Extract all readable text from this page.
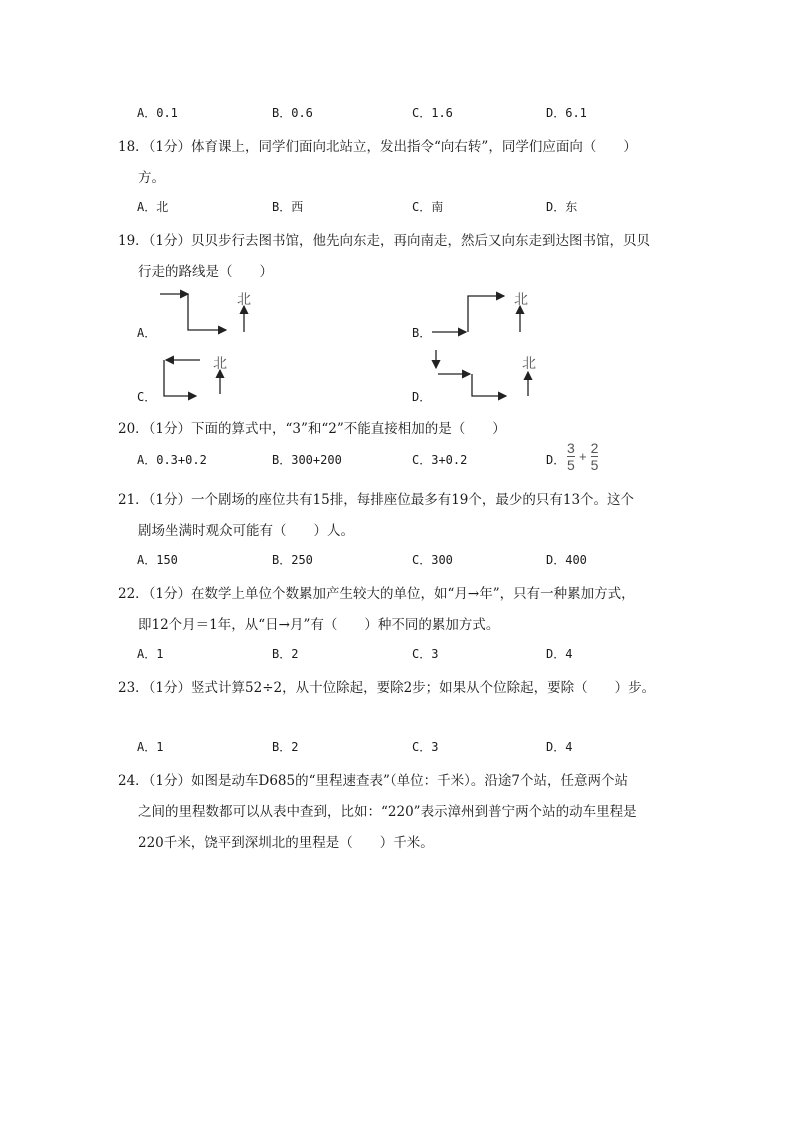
A．0.1	B．0.6	C．1.6	D．6.1
18．（1分）体育课上，同学们面向北站立，发出指令“向右转”，同学们应面向（　　）
方。
A．北	B．西	C．南	D．东
19．（1分）贝贝步行去图书馆，他先向东走，再向南走，然后又向东走到达图书馆，贝贝
行走的路线是（　　）
A．
北
B．
北
C．
北
D．
北
20．（1分）下面的算式中，“3”和“2”不能直接相加的是（　　）
A．0.3+0.2	B．300+200	C．3+0.2	D． $\frac{3}{5} + \frac{2}{5}$
21．（1分）一个剧场的座位共有15排，每排座位最多有19个，最少的只有13个。这个
剧场坐满时观众可能有（　　）人。
A．150	B．250	C．300	D．400
22．（1分）在数学上单位个数累加产生较大的单位，如“月→年”，只有一种累加方式，
即12个月＝1年，从“日→月”有（　　）种不同的累加方式。
A．1	B．2	C．3	D．4
23．（1分）竖式计算52÷2，从十位除起，要除2步；如果从个位除起，要除（　　）步。
A．1	B．2	C．3	D．4
24．（1分）如图是动车D685的“里程速查表”（单位：千米）。沿途7个站，任意两个站
之间的里程数都可以从表中查到，比如：“220”表示漳州到普宁两个站的动车里程是
220千米，饶平到深圳北的里程是（　　）千米。
